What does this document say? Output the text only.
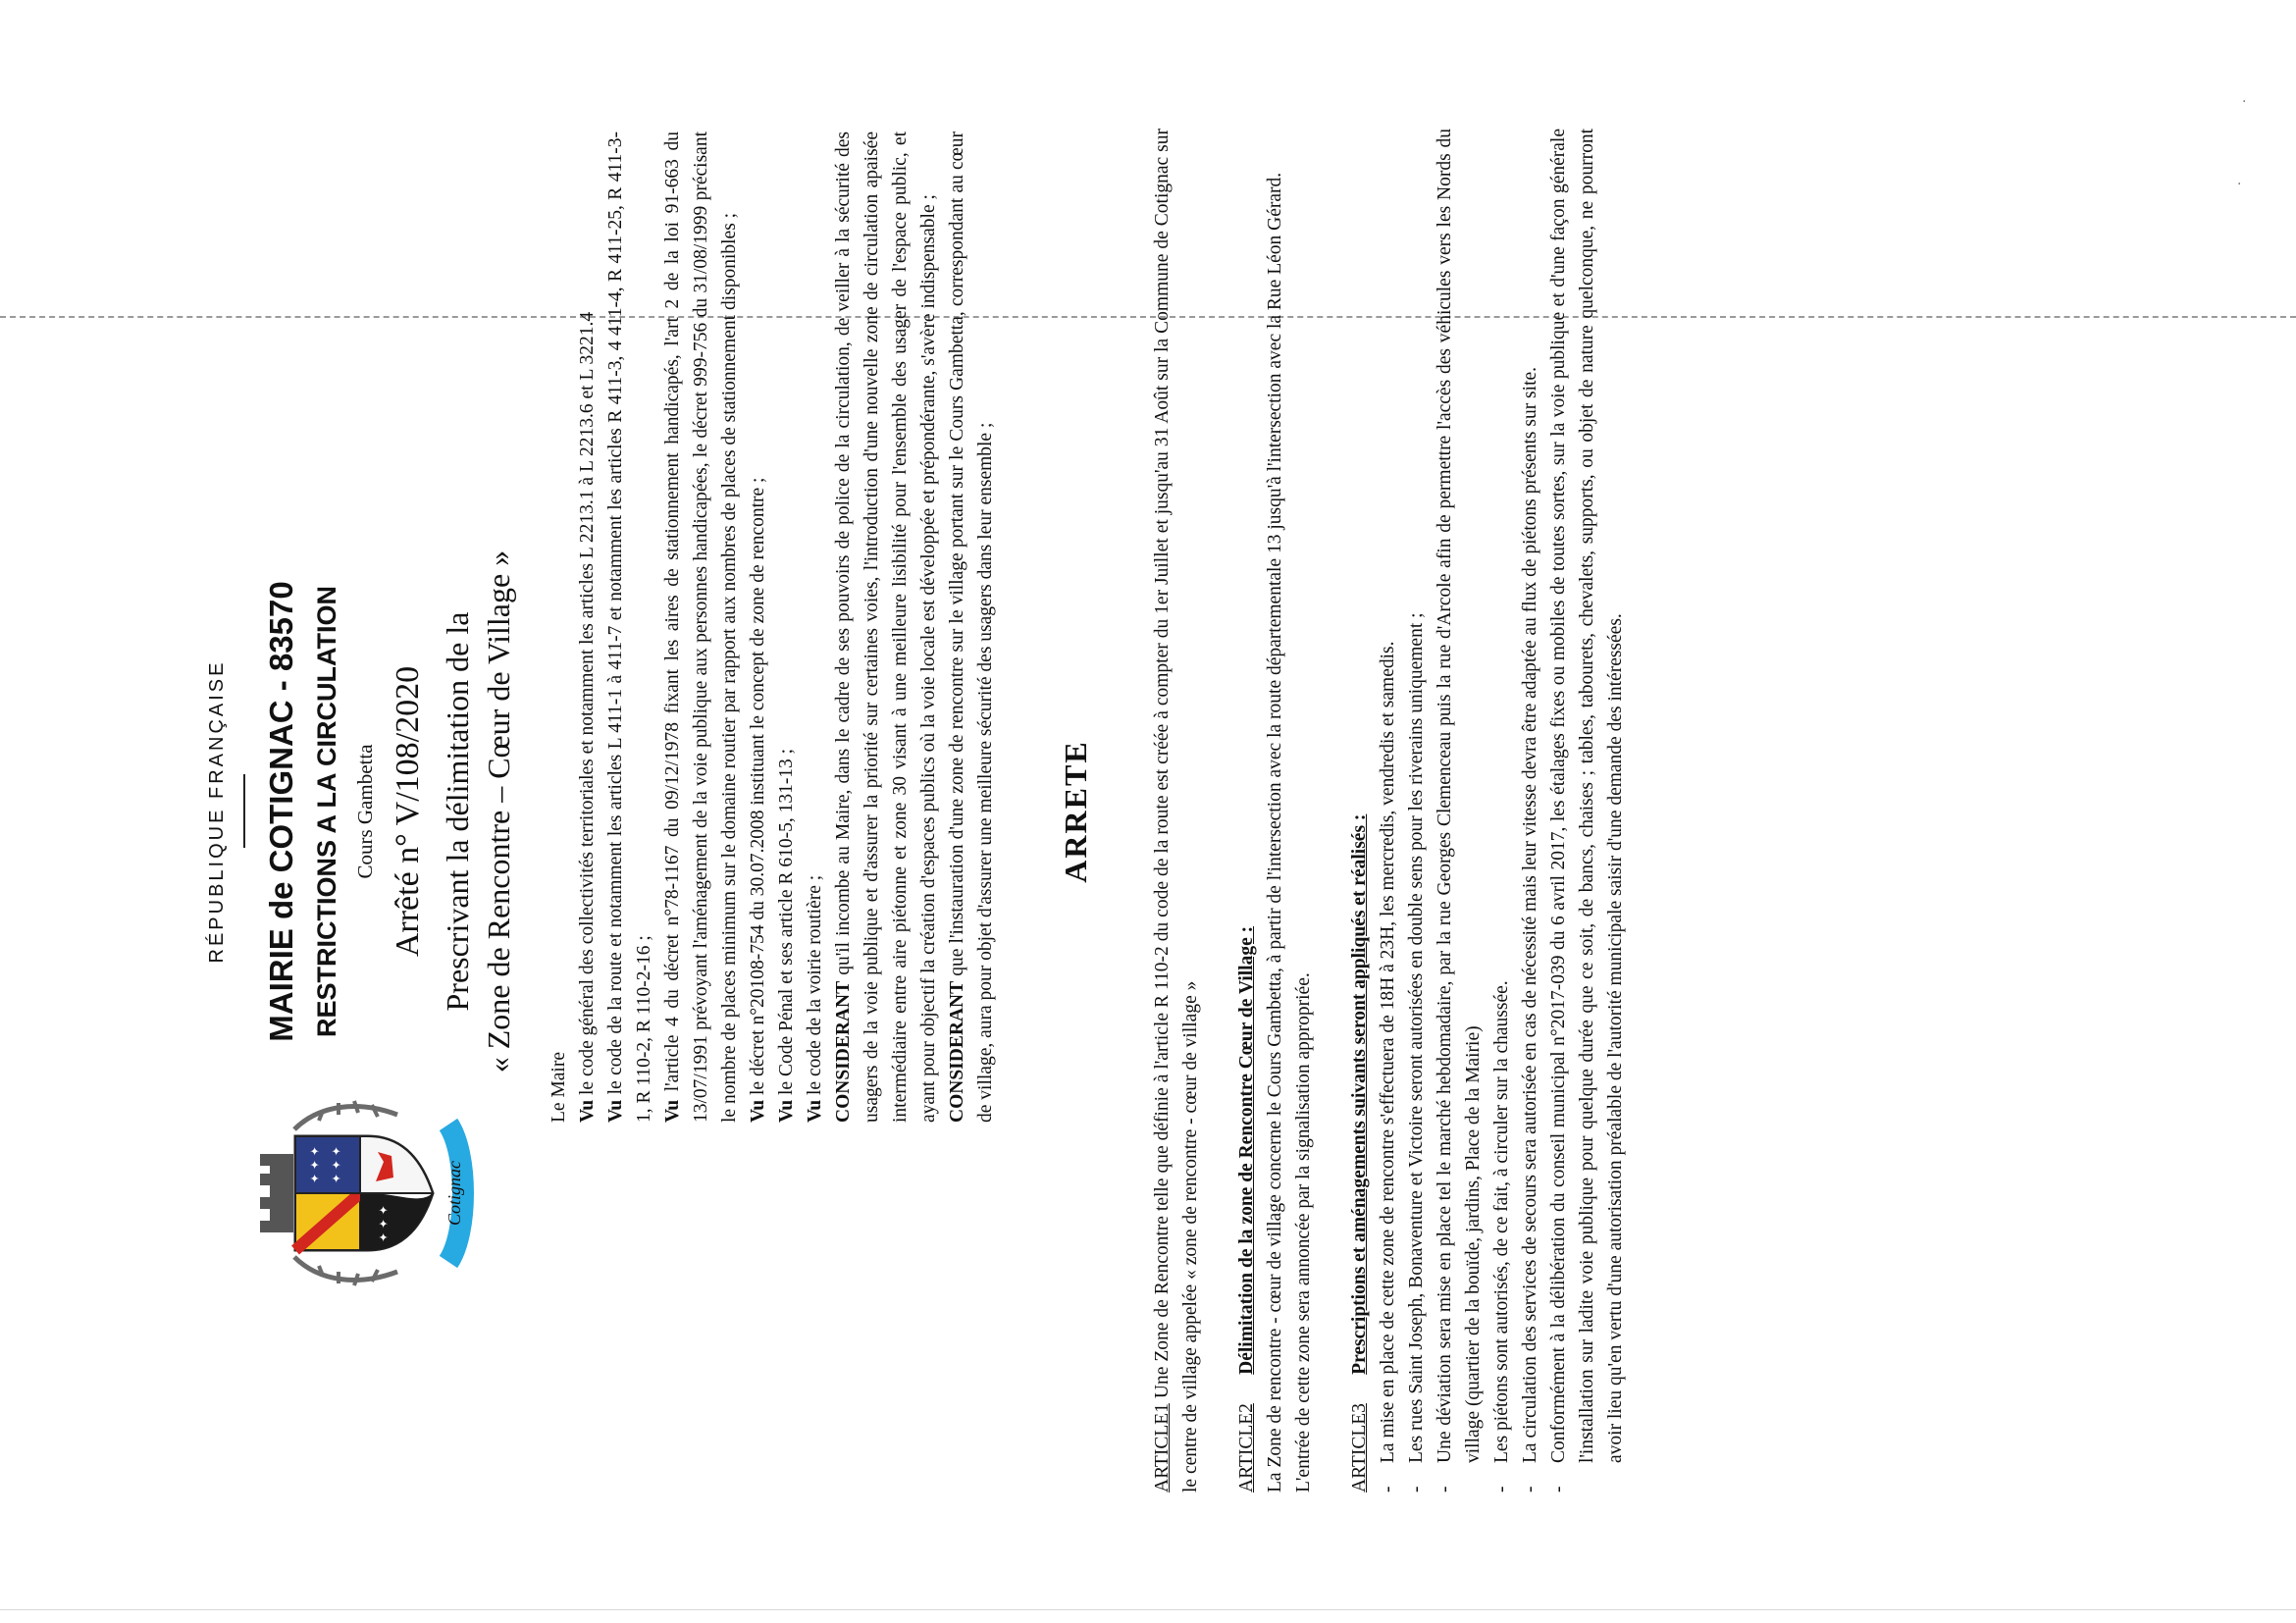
·
·
RÉPUBLIQUE FRANÇAISE MAIRIE de COTIGNAC - 83570 RESTRICTIONS A LA CIRCULATION Cours Gambetta Arrêté n° V/108/2020 Prescrivant la délimitation de la « Zone de Rencontre – Cœur de Village »
✦ ✦ ✦ ✦ ✦ ✦
✦ ✦ ✦	Cotignac

Le Maire Vu le code général des collectivités territoriales et notamment les articles L 2213.1 à L 2213.6 et L 3221.4

Vu le code de la route et notamment les articles L 411-1 à 411-7 et notamment les articles R 411-3, 4 411-4, R 411-25, R 411-3-1, R 110-2, R 110-2-16 ; Vu l'article 4 du décret n°78-1167 du 09/12/1978 fixant les aires de stationnement handicapés, l'art 2 de la loi 91-663 du 13/07/1991 prévoyant l'aménagement de la voie publique aux personnes handicapées, le décret 999-756 du 31/08/1999 précisant le nombre de places minimum sur le domaine routier par rapport aux nombres de places de stationnement disponibles ; Vu le décret n°20108-754 du 30.07.2008 instituant le concept de zone de rencontre ;

Vu le Code Pénal et ses article R 610-5, 131-13 ;

Vu le code de la voirie routière ; CONSIDERANT qu'il incombe au Maire, dans le cadre de ses pouvoirs de police de la circulation, de veiller à la sécurité des usagers de la voie publique et d'assurer la priorité sur certaines voies, l'introduction d'une nouvelle zone de circulation apaisée intermédiaire entre aire piétonne et zone 30 visant à une meilleure lisibilité pour l'ensemble des usager de l'espace public, et ayant pour objectif la création d'espaces publics où la voie locale est développée et prépondérante, s'avère indispensable ; CONSIDERANT que l'instauration d'une zone de rencontre sur le village portant sur le Cours Gambetta, correspondant au cœur de village, aura pour objet d'assurer une meilleure sécurité des usagers dans leur ensemble ; ARRETE

ARTICLE1 Une Zone de Rencontre telle que définie à l'article R 110-2 du code de la route est créée à compter du 1er Juillet et jusqu'au 31 Août sur la Commune de Cotignac sur le centre de village appelée « zone de rencontre - cœur de village » ARTICLE2      Délimitation de la zone de Rencontre Cœur de Village : La Zone de rencontre - cœur de village concerne le Cours Gambetta, à partir de l'intersection avec la route départementale 13 jusqu'à l'intersection avec la Rue Léon Gérard. L'entrée de cette zone sera annoncée par la signalisation appropriée. ARTICLE3      Prescriptions et aménagements suivants seront appliqués et réalisés : - La mise en place de cette zone de rencontre s'effectuera de 18H à 23H, les mercredis, vendredis et samedis. - Les rues Saint Joseph, Bonaventure et Victoire seront autorisées en double sens pour les riverains uniquement ; - Une déviation sera mise en place tel le marché hebdomadaire, par la rue Georges Clemenceau puis la rue d'Arcole afin de permettre l'accès des véhicules vers les Nords du village (quartier de la bouïde, jardins, Place de la Mairie) - Les piétons sont autorisés, de ce fait, à circuler sur la chaussée. - La circulation des services de secours sera autorisée en cas de nécessité mais leur vitesse devra être adaptée au flux de piétons présents sur site. - Conformément à la délibération du conseil municipal n°2017-039 du 6 avril 2017, les étalages fixes ou mobiles de toutes sortes, sur la voie publique et d'une façon générale l'installation sur ladite voie publique pour quelque durée que ce soit, de bancs, chaises ; tables, tabourets, chevalets, supports, ou objet de nature quelconque, ne pourront avoir lieu qu'en vertu d'une autorisation préalable de l'autorité municipale saisir d'une demande des intéressées.
